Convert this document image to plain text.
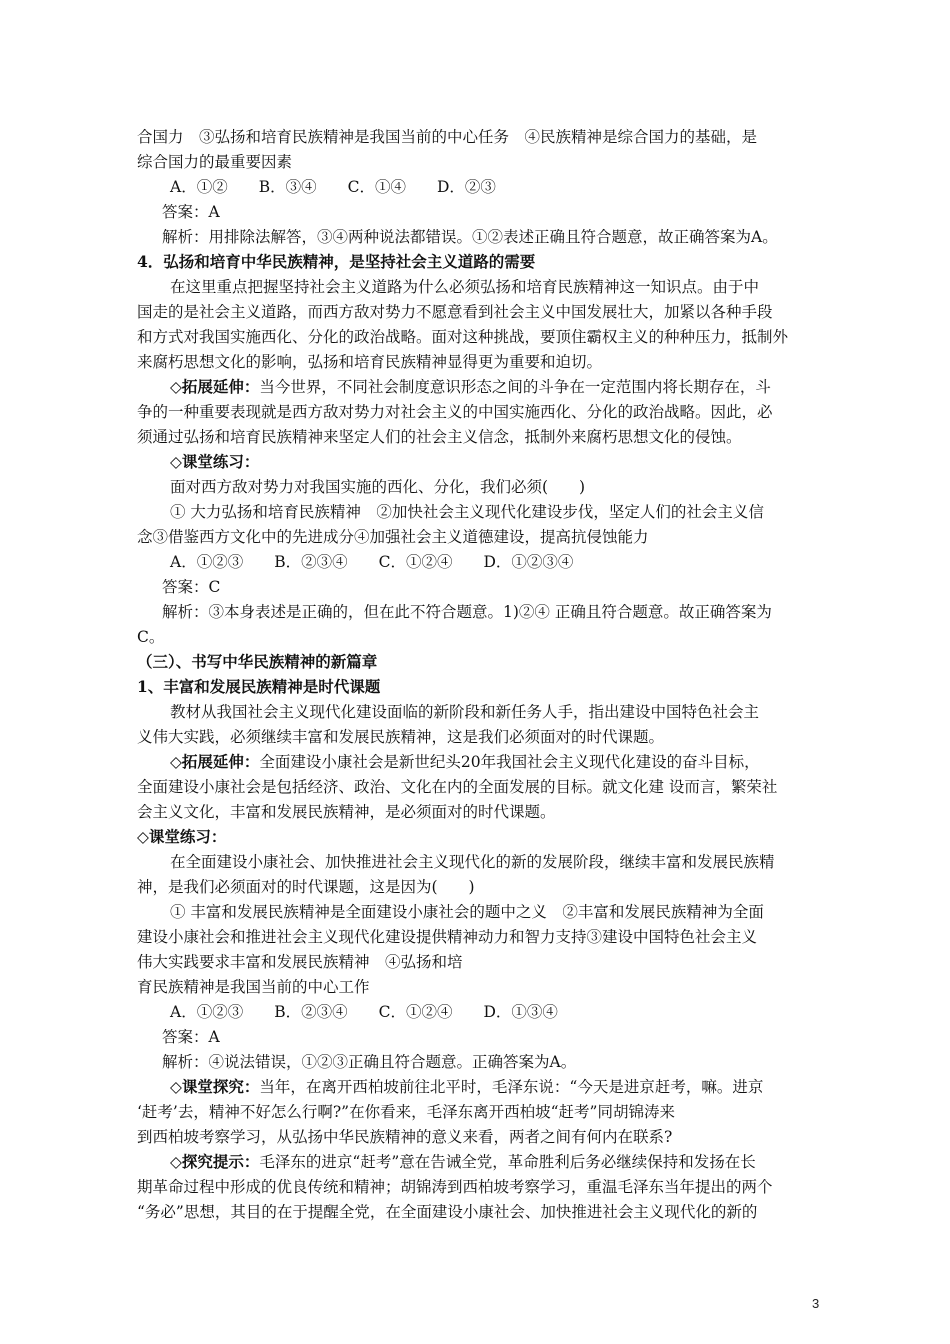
合国力　③弘扬和培育民族精神是我国当前的中心任务　④民族精神是综合国力的基础，是
综合国力的最重要因素
A．①②　　B．③④　　C．①④　　D．②③
答案：A
解析：用排除法解答，③④两种说法都错误。①②表述正确且符合题意，故正确答案为A。
4．弘扬和培育中华民族精神，是坚持社会主义道路的需要
在这里重点把握坚持社会主义道路为什么必须弘扬和培育民族精神这一知识点。由于中
国走的是社会主义道路，而西方敌对势力不愿意看到社会主义中国发展壮大，加紧以各种手段
和方式对我国实施西化、分化的政治战略。面对这种挑战，要顶住霸权主义的种种压力，抵制外
来腐朽思想文化的影响，弘扬和培育民族精神显得更为重要和迫切。
◇拓展延伸：当今世界，不同社会制度意识形态之间的斗争在一定范围内将长期存在，斗
争的一种重要表现就是西方敌对势力对社会主义的中国实施西化、分化的政治战略。因此，必
须通过弘扬和培育民族精神来坚定人们的社会主义信念，抵制外来腐朽思想文化的侵蚀。
◇课堂练习：
面对西方敌对势力对我国实施的西化、分化，我们必须(　　)
① 大力弘扬和培育民族精神　②加快社会主义现代化建设步伐，坚定人们的社会主义信
念③借鉴西方文化中的先进成分④加强社会主义道德建设，提高抗侵蚀能力
A．①②③　　B．②③④　　C．①②④　　D．①②③④
答案：C
解析：③本身表述是正确的，但在此不符合题意。1)②④ 正确且符合题意。故正确答案为
C。
（三）、书写中华民族精神的新篇章
1、丰富和发展民族精神是时代课题
教材从我国社会主义现代化建设面临的新阶段和新任务人手，指出建设中国特色社会主
义伟大实践，必须继续丰富和发展民族精神，这是我们必须面对的时代课题。
◇拓展延伸：全面建设小康社会是新世纪头20年我国社会主义现代化建设的奋斗目标，
全面建设小康社会是包括经济、政治、文化在内的全面发展的目标。就文化建 设而言，繁荣社
会主义文化，丰富和发展民族精神，是必须面对的时代课题。
◇课堂练习：
在全面建设小康社会、加快推进社会主义现代化的新的发展阶段，继续丰富和发展民族精
神，是我们必须面对的时代课题，这是因为(　　)
① 丰富和发展民族精神是全面建设小康社会的题中之义　②丰富和发展民族精神为全面
建设小康社会和推进社会主义现代化建设提供精神动力和智力支持③建设中国特色社会主义
伟大实践要求丰富和发展民族精神　④弘扬和培
育民族精神是我国当前的中心工作
A．①②③　　B．②③④　　C．①②④　　D．①③④
答案：A
解析：④说法错误，①②③正确且符合题意。正确答案为A。
◇课堂探究：当年，在离开西柏坡前往北平时，毛泽东说：“今天是进京赶考，嘛。进京
‘赶考’去，精神不好怎么行啊?”在你看来，毛泽东离开西柏坡“赶考”同胡锦涛来
到西柏坡考察学习，从弘扬中华民族精神的意义来看，两者之间有何内在联系?
◇探究提示：毛泽东的进京“赶考”意在告诫全党，革命胜利后务必继续保持和发扬在长
期革命过程中形成的优良传统和精神；胡锦涛到西柏坡考察学习，重温毛泽东当年提出的两个
“务必”思想，其目的在于提醒全党，在全面建设小康社会、加快推进社会主义现代化的新的
3
